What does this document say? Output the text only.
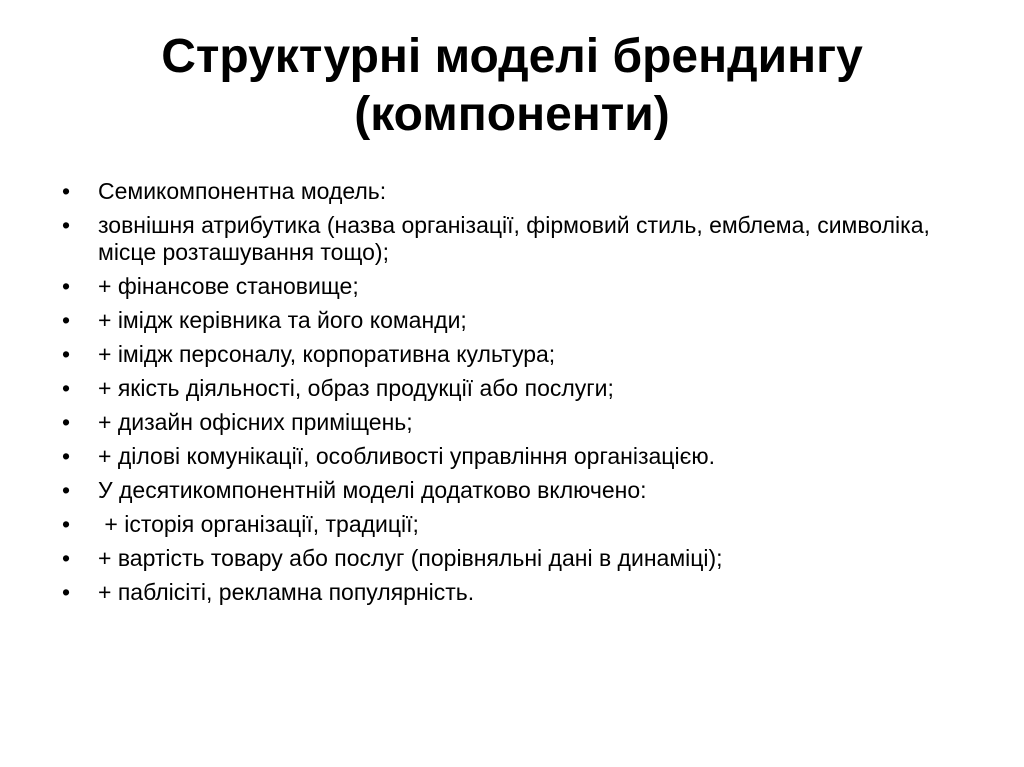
Структурні моделі брендингу
(компоненти)
•	Семикомпонентна модель:
•	зовнішня атрибутика (назва організації, фірмовий стиль, емблема, символіка, місце розташування тощо);
•	+ фінансове становище;
•	+ імідж керівника та його команди;
•	+ імідж персоналу, корпоративна культура;
•	+ якість діяльності, образ продукції або послуги;
•	+ дизайн офісних приміщень;
•	+ ділові комунікації, особливості управління організацією.
•	У десятикомпонентній моделі додатково включено:
•	+ історія організації, традиції;
•	+ вартість товару або послуг (порівняльні дані в динаміці);
•	+ паблісіті, рекламна популярність.
